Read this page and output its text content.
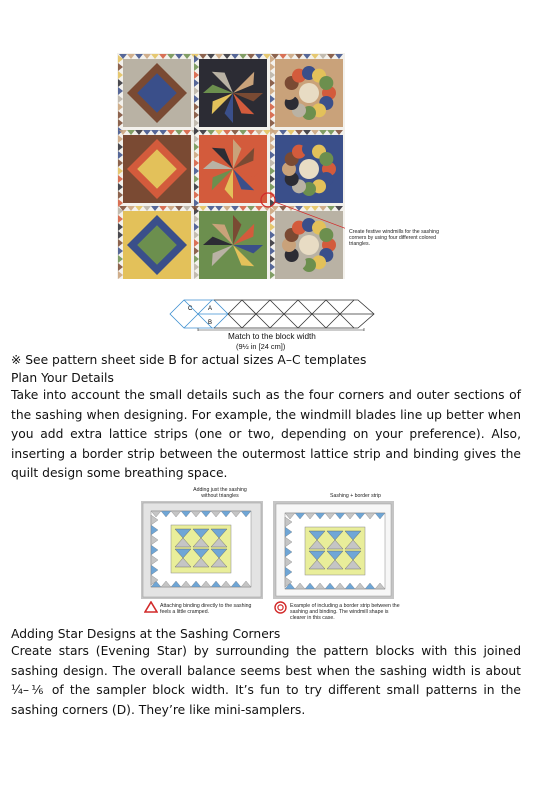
Create festive windmills for the sashing corners by using four different colored triangles.
C	A
B
Match to the block width
(9½ in [24 cm])
※ See pattern sheet side B for actual sizes A–C templates
Plan Your Details
Take into account the small details such as the four corners and outer sections of the sashing when designing. For example, the windmill blades line up better when you add extra lattice strips (one or two, depending on your preference). Also, inserting a border strip between the outermost lattice strip and binding gives the quilt design some breathing space.
Adding just the sashing without triangles	Sashing + border strip
Attaching binding directly to the sashing feels a little cramped.
Example of including a border strip between the sashing and binding. The windmill shape is clearer in this case.
Adding Star Designs at the Sashing Corners
Create stars (Evening Star) by surrounding the pattern blocks with this joined sashing design. The overall balance seems best when the sashing width is about ¼–⅙ of the sampler block width. It’s fun to try different small patterns in the sashing corners (D). They’re like mini-samplers.
